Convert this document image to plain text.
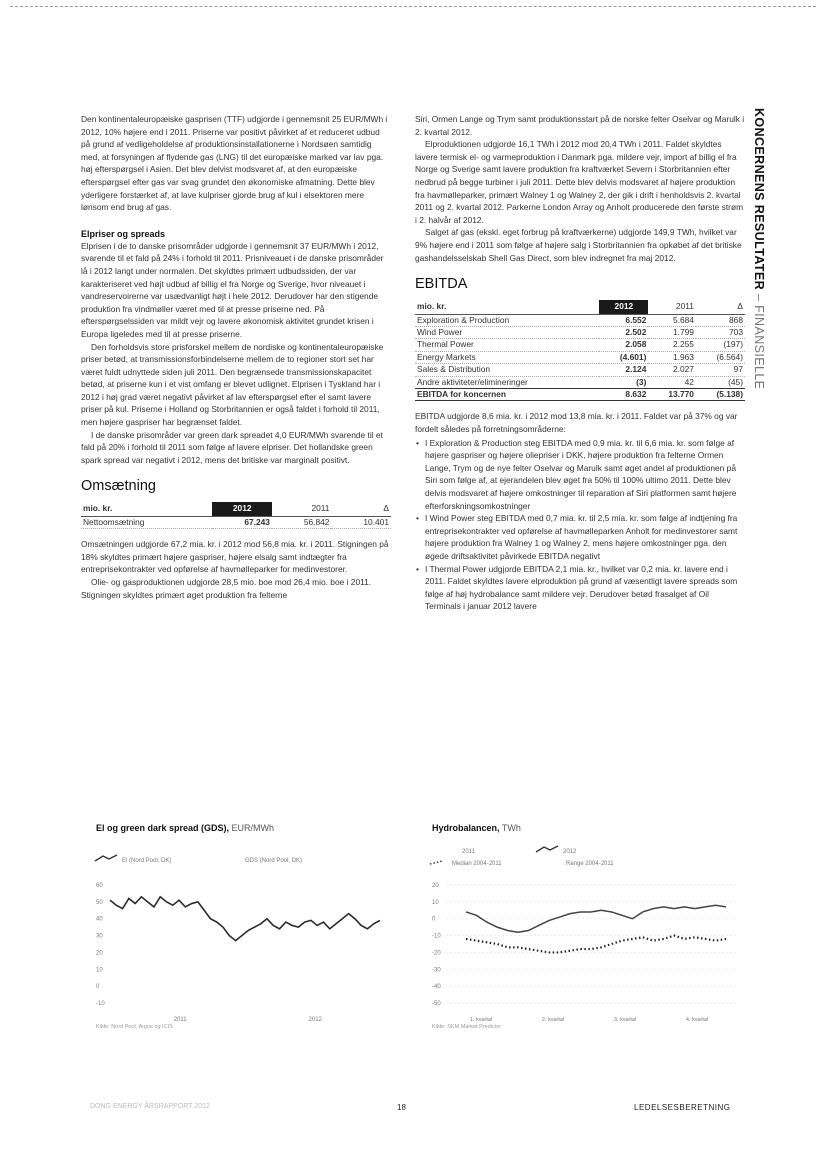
Den kontinentaleuropæiske gasprisen (TTF) udgjorde i gennemsnit 25 EUR/MWh i 2012, 10% højere end i 2011. Priserne var positivt påvirket af et reduceret udbud på grund af vedligeholdelse af produktionsinstallationerne i Nordsøen samtidig med, at forsyningen af flydende gas (LNG) til det europæiske marked var lav pga. høj efterspørgsel i Asien. Det blev delvist modsvaret af, at den europæiske efterspørgsel efter gas var svag grundet den økonomiske afmatning. Dette blev yderligere forstærket af, at lave kulpriser gjorde brug af kul i elsektoren mere lønsom end brug af gas.

Elpriser og spreads

Elprisen i de to danske prisområder udgjorde i gennemsnit 37 EUR/MWh i 2012, svarende til et fald på 24% i forhold til 2011. Prisniveauet i de danske prisområder lå i 2012 langt under normalen. Det skyldtes primært udbudssiden, der var karakteriseret ved højt udbud af billig el fra Norge og Sverige, hvor niveauet i vandreservoirerne var usædvanligt højt i hele 2012. Derudover har den stigende produktion fra vindmøller været med til at presse priserne ned. På efterspørgselssiden var mildt vejr og lavere økonomisk aktivitet grundet krisen i Europa ligeledes med til at presse priserne.

Den forholdsvis store prisforskel mellem de nordiske og kontinentaleuropæiske priser betød, at transmissionsforbindelserne mellem de to regioner stort set har været fuldt udnyttede siden juli 2011. Den begrænsede transmissionskapacitet betød, at priserne kun i et vist omfang er blevet udlignet. Elprisen i Tyskland har i 2012 i høj grad været negativt påvirket af lav efterspørgsel efter el samt lavere priser på kul. Priserne i Holland og Storbritannien er også faldet i forhold til 2011, men højere gaspriser har begrænset faldet.

I de danske prisområder var green dark spreadet 4,0 EUR/MWh svarende til et fald på 20% i forhold til 2011 som følge af lavere elpriser. Det hollandske green spark spread var negativt i 2012, mens det britiske var marginalt positivt.

Omsætning
mio. kr.	2012	2011	Δ
Nettoomsætning	67.243	56.842	10.401

Omsætningen udgjorde 67,2 mia. kr. i 2012 mod 56,8 mia. kr. i 2011. Stigningen på 18% skyldtes primært højere gaspriser, højere elsalg samt indtægter fra entreprisekontrakter ved opførelse af havmølleparker for medinvestorer.

Olie- og gasproduktionen udgjorde 28,5 mio. boe mod 26,4 mio. boe i 2011. Stigningen skyldtes primært øget produktion fra felterne

Siri, Ormen Lange og Trym samt produktionsstart på de norske felter Oselvar og Marulk i 2. kvartal 2012.

Elproduktionen udgjorde 16,1 TWh i 2012 mod 20,4 TWh i 2011. Faldet skyldtes lavere termisk el- og varmeproduktion i Danmark pga. mildere vejr, import af billig el fra Norge og Sverige samt lavere produktion fra kraftværket Severn i Storbritannien efter nedbrud på begge turbiner i juli 2011. Dette blev delvis modsvaret af højere produktion fra havmølleparker, primært Walney 1 og Walney 2, der gik i drift i henholdsvis 2. kvartal 2011 og 2. kvartal 2012. Parkerne London Array og Anholt producerede den første strøm i 2. halvår af 2012.

Salget af gas (ekskl. eget forbrug på kraftværkerne) udgjorde 149,9 TWh, hvilket var 9% højere end i 2011 som følge af højere salg i Storbritannien fra opkøbet af det britiske gashandelsselskab Shell Gas Direct, som blev indregnet fra maj 2012.

EBITDA
mio. kr.	2012	2011	Δ
Exploration & Production	6.552	5.684	868
Wind Power	2.502	1.799	703
Thermal Power	2.058	2.255	(197)
Energy Markets	(4.601)	1.963	(6.564)
Sales & Distribution	2.124	2.027	97
Andre aktiviteter/elimineringer	(3)	42	(45)
EBITDA for koncernen	8.632	13.770	(5.138)

EBITDA udgjorde 8,6 mia. kr. i 2012 mod 13,8 mia. kr. i 2011. Faldet var på 37% og var fordelt således på forretningsområderne:

• I Exploration & Production steg EBITDA med 0,9 mia. kr. til 6,6 mia. kr. som følge af højere gaspriser og højere oliepriser i DKK, højere produktion fra felterne Ormen Lange, Trym og de nye felter Oselvar og Marulk samt øget andel af produktionen på Siri som følge af, at ejerandelen blev øget fra 50% til 100% ultimo 2011. Dette blev delvis modsvaret af højere omkostninger til reparation af Siri platformen samt højere efterforskningsomkostninger
• I Wind Power steg EBITDA med 0,7 mia. kr. til 2,5 mia. kr. som følge af indtjening fra entreprisekontrakter ved opførelse af havmølleparken Anholt for medinvestorer samt højere produktion fra Walney 1 og Walney 2, mens højere omkostninger pga. den øgede driftsaktivitet påvirkede EBITDA negativt
• I Thermal Power udgjorde EBITDA 2,1 mia. kr., hvilket var 0,2 mia. kr. lavere end i 2011. Faldet skyldtes lavere elproduktion på grund af væsentligt lavere spreads som følge af høj hydrobalance samt mildere vejr. Derudover betød frasalget af Oil Terminals i januar 2012 lavere
KONCERNENS RESULTATER – FINANSIELLE
El og green dark spread (GDS), EUR/MWh
El (Nord Pool, DK)	GDS (Nord Pool, DK)
60
50
40
30
20
10
0
-10
2011	2012
Kilde: Nord Pool, Argus og ICIS
Hydrobalancen, TWh
2011	2012
Median 2004-2011	Range 2004-2011
20
10
0
-10
-20
-30
-40
-50
1. kvartal	2. kvartal	3. kvartal	4. kvartal
Kilde: SKM Market Predictor
DONG ENERGY ÅRSRAPPORT 2012	18	LEDELSESBERETNING
